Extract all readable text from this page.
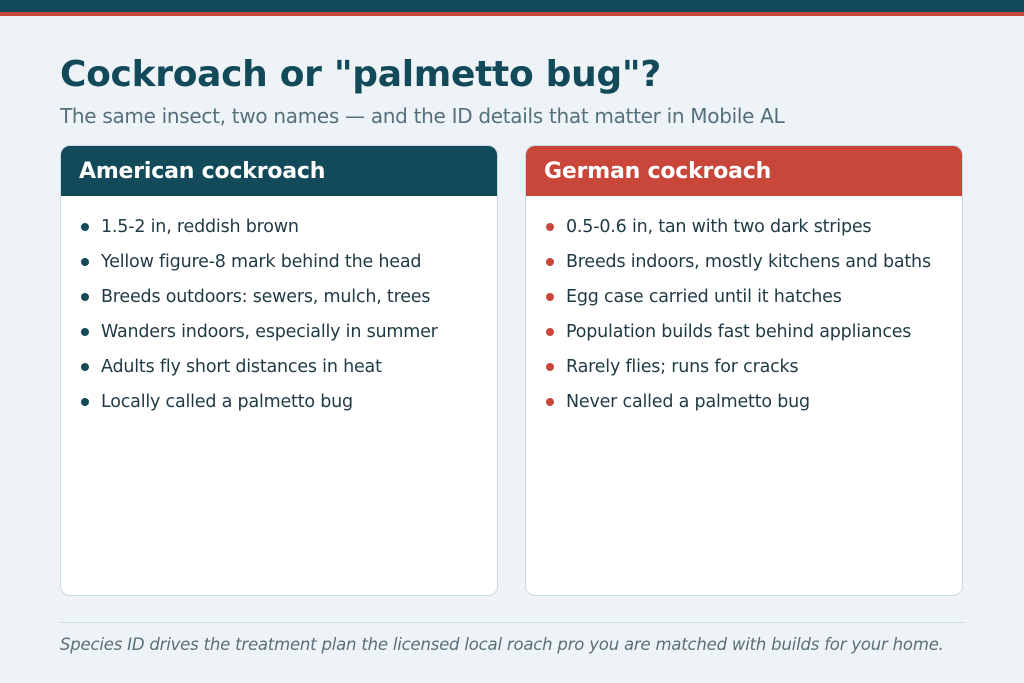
Cockroach or "palmetto bug"?

The same insect, two names — and the ID details that matter in Mobile AL

American cockroach
1.5-2 in, reddish brown
Yellow figure-8 mark behind the head
Breeds outdoors: sewers, mulch, trees
Wanders indoors, especially in summer
Adults fly short distances in heat
Locally called a palmetto bug
German cockroach
0.5-0.6 in, tan with two dark stripes
Breeds indoors, mostly kitchens and baths
Egg case carried until it hatches
Population builds fast behind appliances
Rarely flies; runs for cracks
Never called a palmetto bug

Species ID drives the treatment plan the licensed local roach pro you are matched with builds for your home.
